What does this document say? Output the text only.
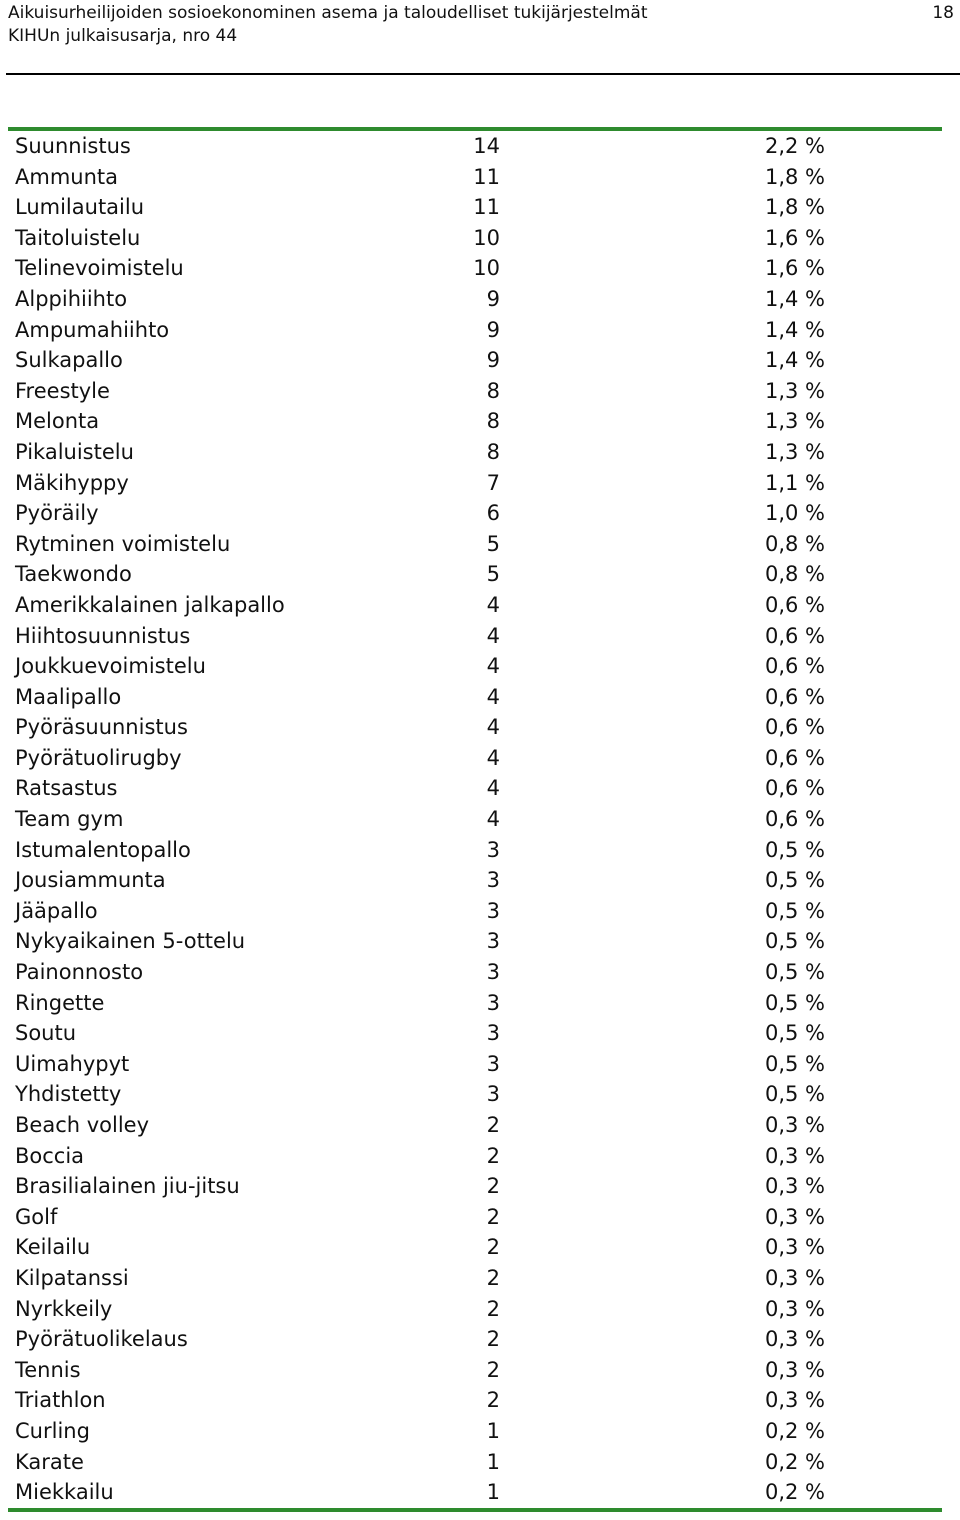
Aikuisurheilijoiden sosioekonominen asema ja taloudelliset tukijärjestelmät
KIHUn julkaisusarja, nro 44
18
Suunnistus	14	2,2 %
Ammunta	11	1,8 %
Lumilautailu	11	1,8 %
Taitoluistelu	10	1,6 %
Telinevoimistelu	10	1,6 %
Alppihiihto	9	1,4 %
Ampumahiihto	9	1,4 %
Sulkapallo	9	1,4 %
Freestyle	8	1,3 %
Melonta	8	1,3 %
Pikaluistelu	8	1,3 %
Mäkihyppy	7	1,1 %
Pyöräily	6	1,0 %
Rytminen voimistelu	5	0,8 %
Taekwondo	5	0,8 %
Amerikkalainen jalkapallo	4	0,6 %
Hiihtosuunnistus	4	0,6 %
Joukkuevoimistelu	4	0,6 %
Maalipallo	4	0,6 %
Pyöräsuunnistus	4	0,6 %
Pyörätuolirugby	4	0,6 %
Ratsastus	4	0,6 %
Team gym	4	0,6 %
Istumalentopallo	3	0,5 %
Jousiammunta	3	0,5 %
Jääpallo	3	0,5 %
Nykyaikainen 5-ottelu	3	0,5 %
Painonnosto	3	0,5 %
Ringette	3	0,5 %
Soutu	3	0,5 %
Uimahypyt	3	0,5 %
Yhdistetty	3	0,5 %
Beach volley	2	0,3 %
Boccia	2	0,3 %
Brasilialainen jiu-jitsu	2	0,3 %
Golf	2	0,3 %
Keilailu	2	0,3 %
Kilpatanssi	2	0,3 %
Nyrkkeily	2	0,3 %
Pyörätuolikelaus	2	0,3 %
Tennis	2	0,3 %
Triathlon	2	0,3 %
Curling	1	0,2 %
Karate	1	0,2 %
Miekkailu	1	0,2 %
